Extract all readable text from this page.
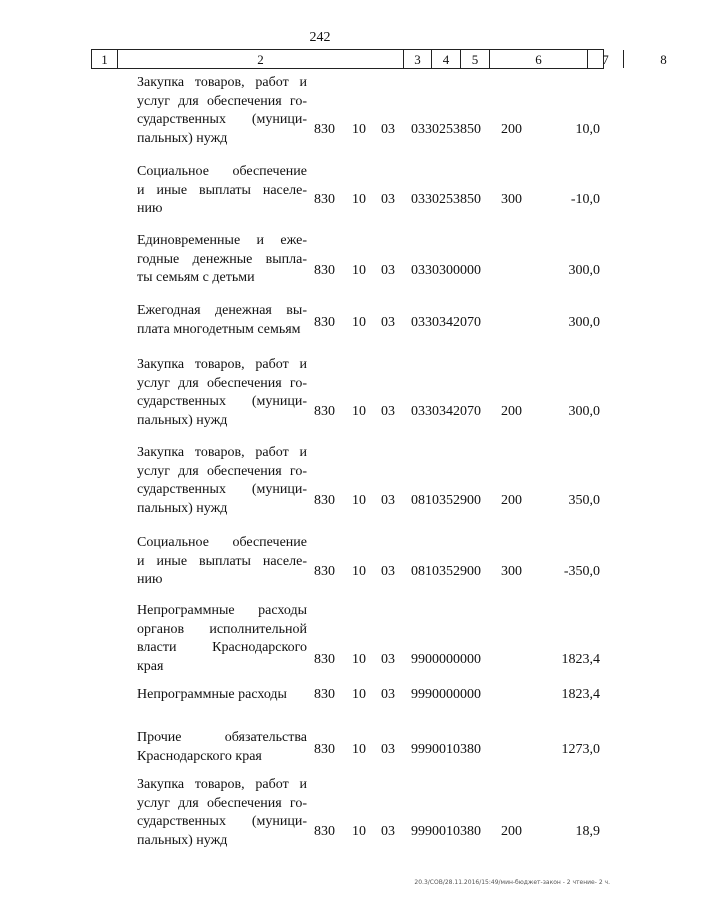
242
1	2	3	4	5	6	7	8
Закупка товаров, работ и
услуг для обеспечения го-
сударственных (муници-
пальных) нужд
830 10 03 0330253850 200	10,0
Социальное обеспечение
и иные выплаты населе-
нию
830 10 03 0330253850 300	-10,0
Единовременные и еже-
годные денежные выпла-
ты семьям с детьми	830 10 03 0330300000	300,0
Ежегодная денежная вы-
плата многодетным семьям 830 10 03 0330342070	300,0
Закупка товаров, работ и
услуг для обеспечения го-
сударственных (муници-
пальных) нужд
830 10 03 0330342070 200	300,0
Закупка товаров, работ и
услуг для обеспечения го-
сударственных (муници-
пальных) нужд	830 10 03 0810352900 200	350,0
Социальное обеспечение
и иные выплаты населе-
нию
830 10 03 0810352900 300	-350,0
Непрограммные расходы
органов исполнительной
власти Краснодарского
края	830 10 03 9900000000	1823,4
Непрограммные расходы	830 10 03 9990000000	1823,4
Прочие обязательства
Краснодарского края	830 10 03 9990010380	1273,0
Закупка товаров, работ и
услуг для обеспечения го-
сударственных (муници-
пальных) нужд
830 10 03 9990010380 200	18,9
20.3/СОВ/28.11.2016/15:49/мин-бюджет-закон - 2 чтение- 2 ч.
